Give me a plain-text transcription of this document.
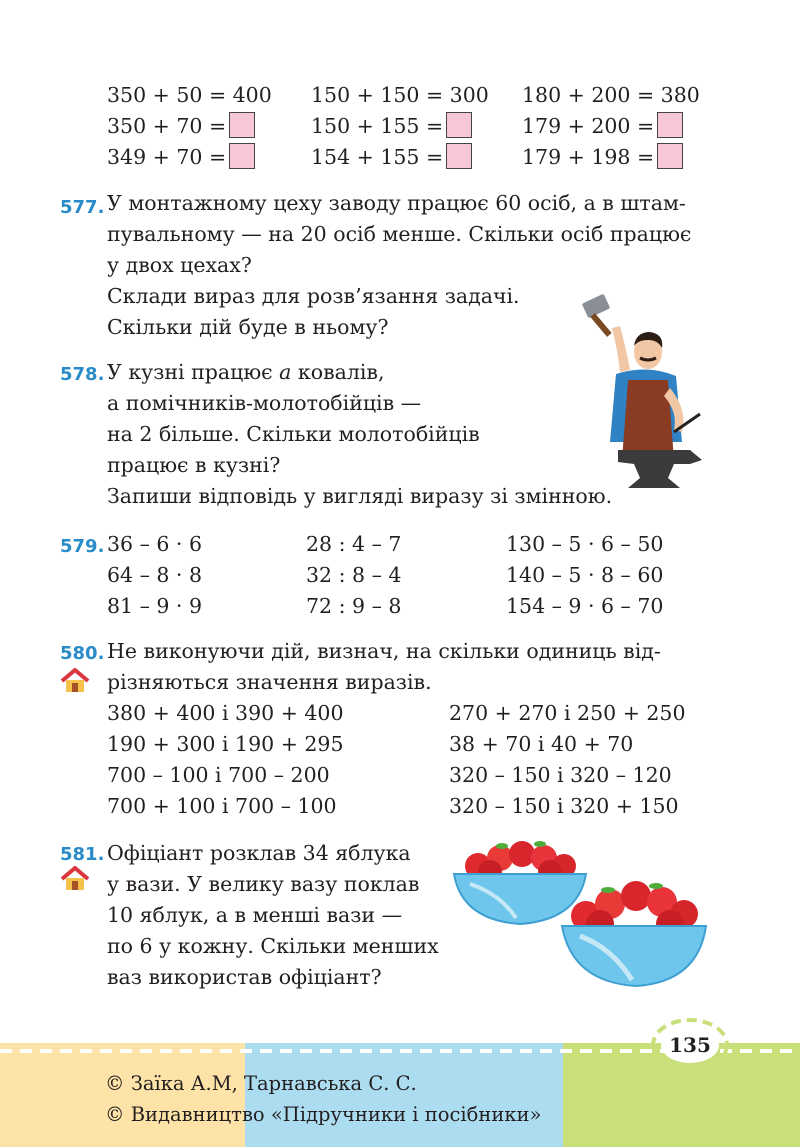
350 + 50 = 400 150 + 150 = 300 180 + 200 = 380
350 + 70 =	150 + 155 =	179 + 200 =
349 + 70 =	154 + 155 =	179 + 198 =
577. У монтажному цеху заводу працює 60 осіб, а в штам-
пувальному — на 20 осіб менше. Скільки осіб працює
у двох цехах?
Склади вираз для розв’язання задачі.
Скільки дій буде в ньому?
578. У кузні працює a ковалів,
а помічників-молотобійців —
на 2 більше. Скільки молотобійців
працює в кузні?
Запиши відповідь у вигляді виразу зі змінною.
579. 36 – 6 · 6	28 : 4 – 7	130 – 5 · 6 – 50
64 – 8 · 8	32 : 8 – 4	140 – 5 · 8 – 60
81 – 9 · 9	72 : 9 – 8	154 – 9 · 6 – 70
580. Не виконуючи дій, визнач, на скільки одиниць від-
різняються значення виразів.
380 + 400 і 390 + 400	270 + 270 і 250 + 250
190 + 300 і 190 + 295	38 + 70 і 40 + 70
700 – 100 і 700 – 200	320 – 150 і 320 – 120
700 + 100 і 700 – 100	320 – 150 і 320 + 150
581. Офіціант розклав 34 яблука
у вази. У велику вазу поклав
10 яблук, а в менші вази —
по 6 у кожну. Скільки менших
ваз використав офіціант?
135
© Заїка А.М, Тарнавська С. С.
© Видавництво «Підручники і посібники»
